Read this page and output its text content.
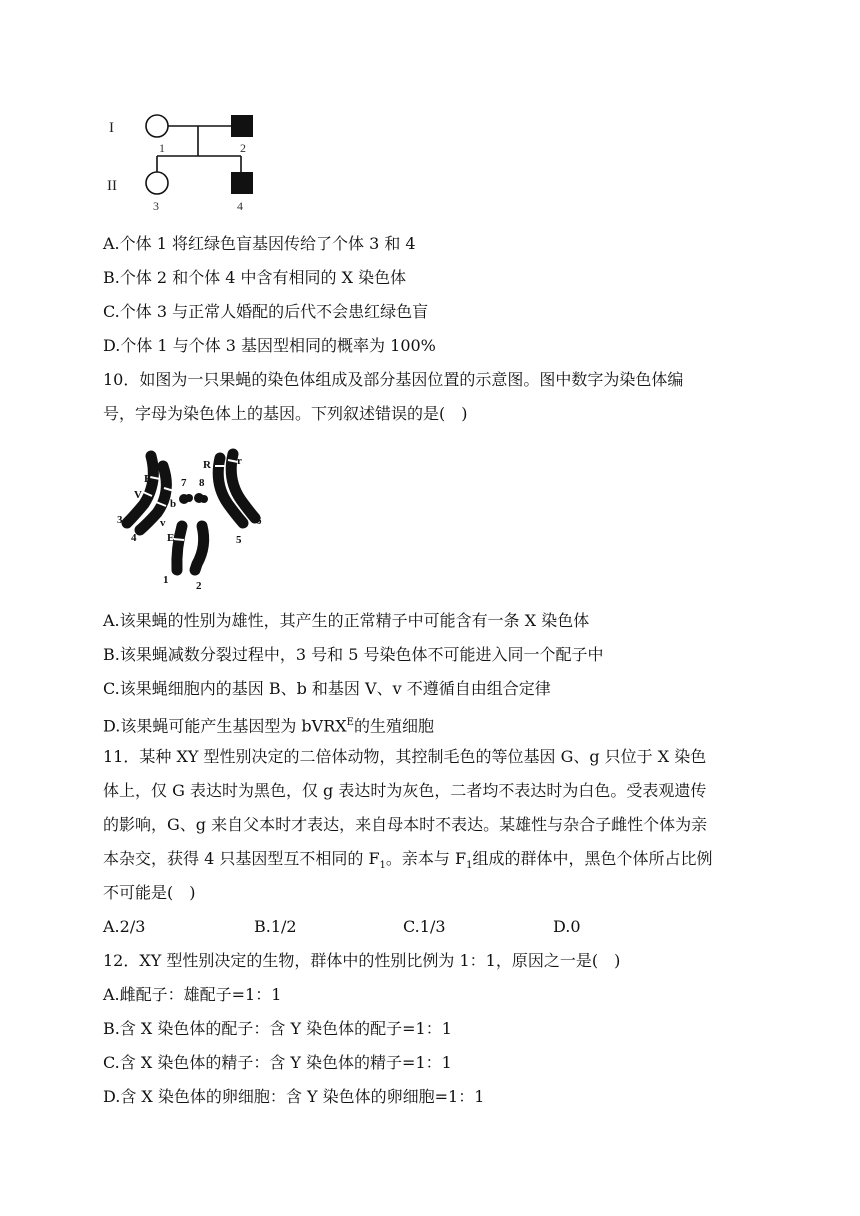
I
II
1	2
3	4
A.个体 1 将红绿色盲基因传给了个体 3 和 4
B.个体 2 和个体 4 中含有相同的 X 染色体
C.个体 3 与正常人婚配的后代不会患红绿色盲
D.个体 1 与个体 3 基因型相同的概率为 100%
10．如图为一只果蝇的染色体组成及部分基因位置的示意图。图中数字为染色体编
号，字母为染色体上的基因。下列叙述错误的是(　)
B
V
b
v
E
R r
7 8
3
4	5
6
1	2
A.该果蝇的性别为雄性，其产生的正常精子中可能含有一条 X 染色体
B.该果蝇减数分裂过程中，3 号和 5 号染色体不可能进入同一个配子中
C.该果蝇细胞内的基因 B、b 和基因 V、v 不遵循自由组合定律
D.该果蝇可能产生基因型为 bVRX$^E$的生殖细胞
11．某种 XY 型性别决定的二倍体动物，其控制毛色的等位基因 G、g 只位于 X 染色
体上，仅 G 表达时为黑色，仅 g 表达时为灰色，二者均不表达时为白色。受表观遗传
的影响，G、g 来自父本时才表达，来自母本时不表达。某雄性与杂合子雌性个体为亲
本杂交，获得 4 只基因型互不相同的 $F_1$。亲本与 $F_1$组成的群体中，黑色个体所占比例
不可能是(　)
A.2/3	B.1/2	C.1/3	D.0
12．XY 型性别决定的生物，群体中的性别比例为 1：1，原因之一是(　)
A.雌配子：雄配子=1：1
B.含 X 染色体的配子：含 Y 染色体的配子=1：1
C.含 X 染色体的精子：含 Y 染色体的精子=1：1
D.含 X 染色体的卵细胞：含 Y 染色体的卵细胞=1：1
